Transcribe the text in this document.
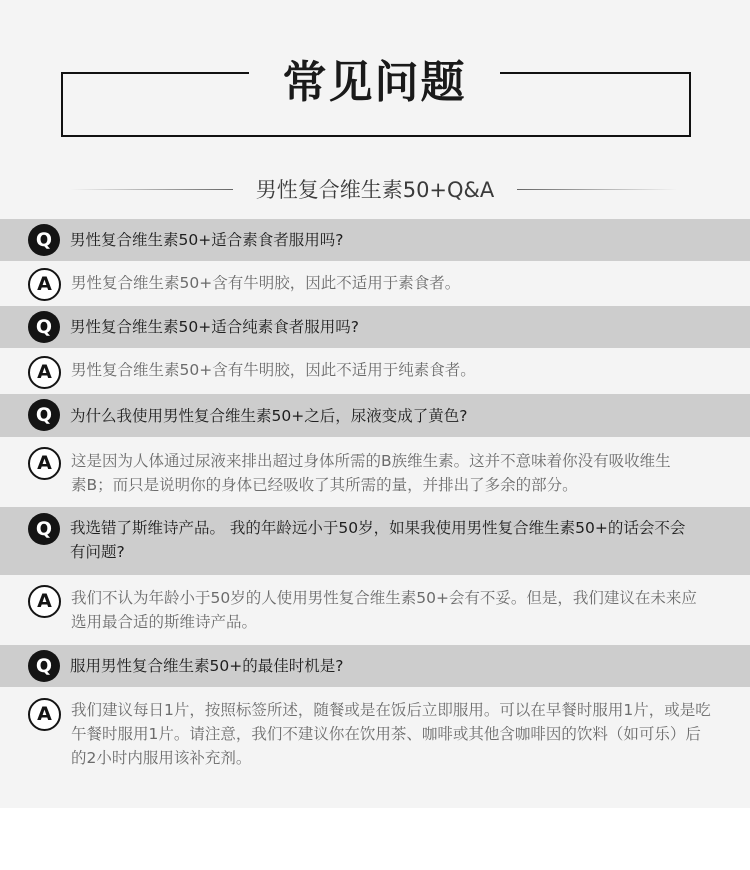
常见问题
男性复合维生素50+Q&A
Q	男性复合维生素50+适合素食者服用吗?
A	男性复合维生素50+含有牛明胶，因此不适用于素食者。
Q	男性复合维生素50+适合纯素食者服用吗?
A	男性复合维生素50+含有牛明胶，因此不适用于纯素食者。
Q	为什么我使用男性复合维生素50+之后，尿液变成了黄色?
A	这是因为人体通过尿液来排出超过身体所需的B族维生素。这并不意味着你没有吸收维生素B；而只是说明你的身体已经吸收了其所需的量，并排出了多余的部分。
Q	我选错了斯维诗产品。 我的年龄远小于50岁，如果我使用男性复合维生素50+的话会不会有问题?
A	我们不认为年龄小于50岁的人使用男性复合维生素50+会有不妥。但是，我们建议在未来应选用最合适的斯维诗产品。
Q	服用男性复合维生素50+的最佳时机是?
A	我们建议每日1片，按照标签所述，随餐或是在饭后立即服用。可以在早餐时服用1片，或是吃午餐时服用1片。请注意，我们不建议你在饮用茶、咖啡或其他含咖啡因的饮料（如可乐）后的2小时内服用该补充剂。
